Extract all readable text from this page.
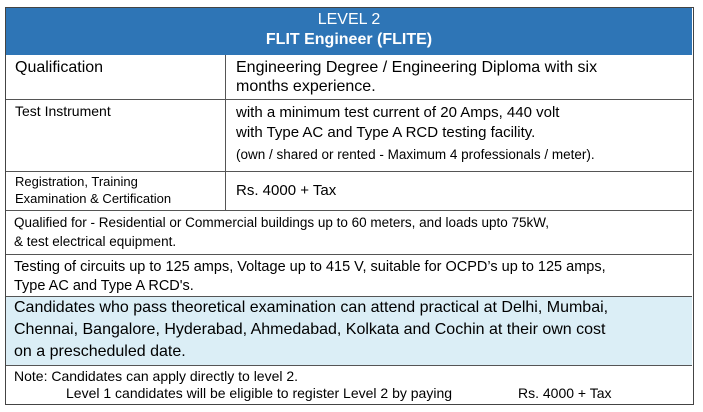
LEVEL 2
FLIT Engineer (FLITE)
Qualification	Engineering Degree / Engineering Diploma with six
months experience.
Test Instrument	with a minimum test current of 20 Amps, 440 volt
with Type AC and Type A RCD testing facility.
(own / shared or rented - Maximum 4 professionals / meter).
Registration, Training
Examination & Certification	Rs. 4000 + Tax
Qualified for - Residential or Commercial buildings up to 60 meters, and loads upto 75kW,
& test electrical equipment.
Testing of circuits up to 125 amps, Voltage up to 415 V, suitable for OCPD’s up to 125 amps,
Type AC and Type A RCD's.
Candidates who pass theoretical examination can attend practical at Delhi, Mumbai,
Chennai, Bangalore, Hyderabad, Ahmedabad, Kolkata and Cochin at their own cost
on a prescheduled date.
Note: Candidates can apply directly to level 2.
Level 1 candidates will be eligible to register Level 2 by paying	Rs. 4000 + Tax
